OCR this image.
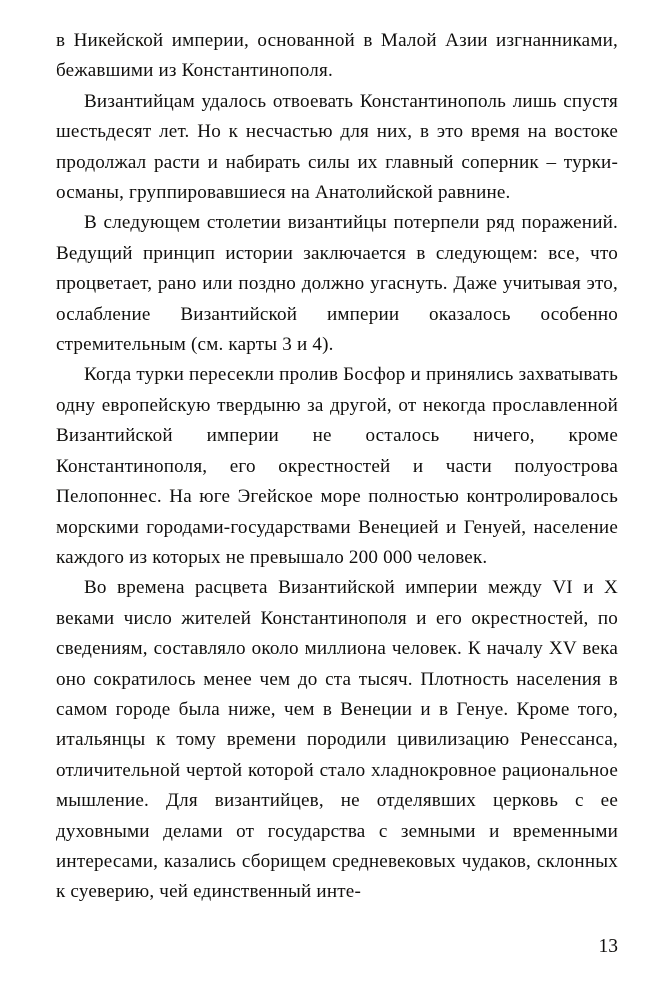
в Никейской империи, основанной в Малой Азии изгнанниками, бежавшими из Константинополя.

Византийцам удалось отвоевать Константинополь лишь спустя шестьдесят лет. Но к несчастью для них, в это время на востоке продолжал расти и набирать силы их главный соперник – турки-османы, группировавшиеся на Анатолийской равнине.

В следующем столетии византийцы потерпели ряд поражений. Ведущий принцип истории заключается в следующем: все, что процветает, рано или поздно должно угаснуть. Даже учитывая это, ослабление Византийской империи оказалось особенно стремительным (см. карты 3 и 4).

Когда турки пересекли пролив Босфор и принялись захватывать одну европейскую твердыню за другой, от некогда прославленной Византийской империи не осталось ничего, кроме Константинополя, его окрестностей и части полуострова Пелопоннес. На юге Эгейское море полностью контролировалось морскими городами-государствами Венецией и Генуей, население каждого из которых не превышало 200 000 человек.

Во времена расцвета Византийской империи между VI и X веками число жителей Константинополя и его окрестностей, по сведениям, составляло около миллиона человек. К началу XV века оно сократилось менее чем до ста тысяч. Плотность населения в самом городе была ниже, чем в Венеции и в Генуе. Кроме того, итальянцы к тому времени породили цивилизацию Ренессанса, отличительной чертой которой стало хладнокровное рациональное мышление. Для византийцев, не отделявших церковь с ее духовными делами от государства с земными и временными интересами, казались сборищем средневековых чудаков, склонных к суеверию, чей единственный инте-

13
